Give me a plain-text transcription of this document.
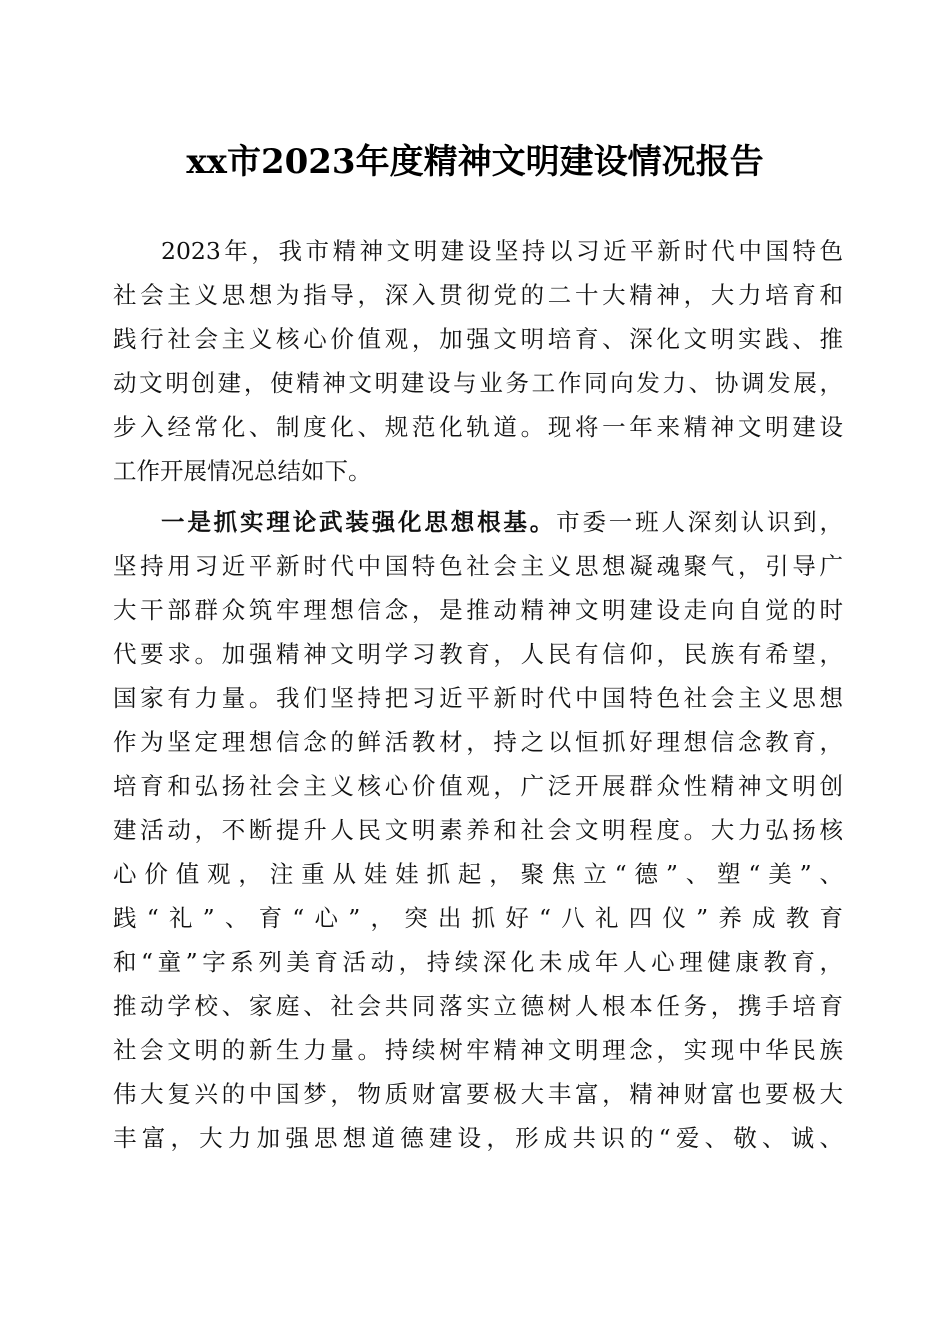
xx市2023年度精神文明建设情况报告
2023年，我市精神文明建设坚持以习近平新时代中国特色
社会主义思想为指导，深入贯彻党的二十大精神，大力培育和
践行社会主义核心价值观，加强文明培育、深化文明实践、推
动文明创建，使精神文明建设与业务工作同向发力、协调发展，
步入经常化、制度化、规范化轨道。现将一年来精神文明建设
工作开展情况总结如下。
一是抓实理论武装强化思想根基。市委一班人深刻认识到，
坚持用习近平新时代中国特色社会主义思想凝魂聚气，引导广
大干部群众筑牢理想信念，是推动精神文明建设走向自觉的时
代要求。加强精神文明学习教育，人民有信仰，民族有希望，
国家有力量。我们坚持把习近平新时代中国特色社会主义思想
作为坚定理想信念的鲜活教材，持之以恒抓好理想信念教育，
培育和弘扬社会主义核心价值观，广泛开展群众性精神文明创
建活动，不断提升人民文明素养和社会文明程度。大力弘扬核
心价值观，注重从娃娃抓起，聚焦立“德”、塑“美”、
践“礼”、育“心”，突出抓好“八礼四仪”养成教育
和“童”字系列美育活动，持续深化未成年人心理健康教育，
推动学校、家庭、社会共同落实立德树人根本任务，携手培育
社会文明的新生力量。持续树牢精神文明理念，实现中华民族
伟大复兴的中国梦，物质财富要极大丰富，精神财富也要极大
丰富，大力加强思想道德建设，形成共识的“爱、敬、诚、
